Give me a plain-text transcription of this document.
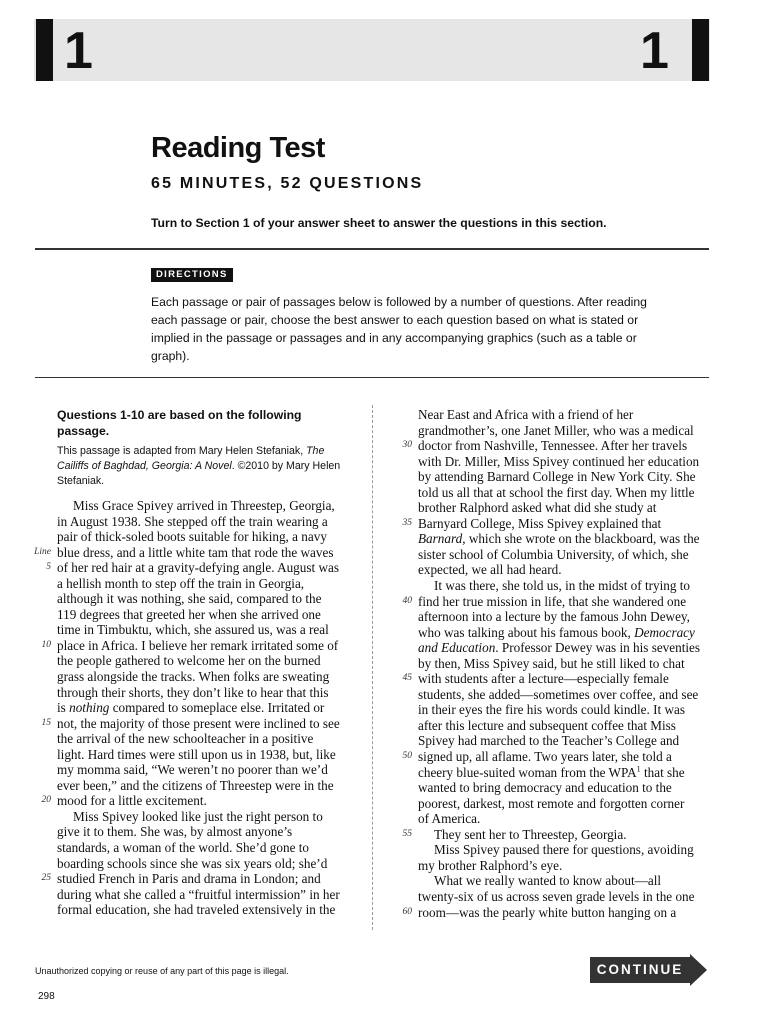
1	1
Reading Test
65 MINUTES, 52 QUESTIONS
Turn to Section 1 of your answer sheet to answer the questions in this section.
DIRECTIONS
Each passage or pair of passages below is followed by a number of questions. After reading each passage or pair, choose the best answer to each question based on what is stated or implied in the passage or passages and in any accompanying graphics (such as a table or graph).
Questions 1-10 are based on the following passage.
This passage is adapted from Mary Helen Stefaniak, The Cailiffs of Baghdad, Georgia: A Novel. ©2010 by Mary Helen Stefaniak.
Miss Grace Spivey arrived in Threestep, Georgia,
in August 1938. She stepped off the train wearing a
pair of thick-soled boots suitable for hiking, a navy
Line blue dress, and a little white tam that rode the waves
5 of her red hair at a gravity-defying angle. August was
a hellish month to step off the train in Georgia,
although it was nothing, she said, compared to the
119 degrees that greeted her when she arrived one
time in Timbuktu, which, she assured us, was a real
10 place in Africa. I believe her remark irritated some of
the people gathered to welcome her on the burned
grass alongside the tracks. When folks are sweating
through their shorts, they don’t like to hear that this
is nothing compared to someplace else. Irritated or
15 not, the majority of those present were inclined to see
the arrival of the new schoolteacher in a positive
light. Hard times were still upon us in 1938, but, like
my momma said, “We weren’t no poorer than we’d
ever been,” and the citizens of Threestep were in the
20 mood for a little excitement.
Miss Spivey looked like just the right person to
give it to them. She was, by almost anyone’s
standards, a woman of the world. She’d gone to
boarding schools since she was six years old; she’d
25 studied French in Paris and drama in London; and
during what she called a “fruitful intermission” in her
formal education, she had traveled extensively in the
Near East and Africa with a friend of her
grandmother’s, one Janet Miller, who was a medical
30 doctor from Nashville, Tennessee. After her travels
with Dr. Miller, Miss Spivey continued her education
by attending Barnard College in New York City. She
told us all that at school the first day. When my little
brother Ralphord asked what did she study at
35 Barnyard College, Miss Spivey explained that
Barnard, which she wrote on the blackboard, was the
sister school of Columbia University, of which, she
expected, we all had heard.
It was there, she told us, in the midst of trying to
40 find her true mission in life, that she wandered one
afternoon into a lecture by the famous John Dewey,
who was talking about his famous book, Democracy
and Education. Professor Dewey was in his seventies
by then, Miss Spivey said, but he still liked to chat
45 with students after a lecture—especially female
students, she added—sometimes over coffee, and see
in their eyes the fire his words could kindle. It was
after this lecture and subsequent coffee that Miss
Spivey had marched to the Teacher’s College and
50 signed up, all aflame. Two years later, she told a
cheery blue-suited woman from the WPA$^1$ that she
wanted to bring democracy and education to the
poorest, darkest, most remote and forgotten corner
of America.
55 They sent her to Threestep, Georgia.
Miss Spivey paused there for questions, avoiding
my brother Ralphord’s eye.
What we really wanted to know about—all
twenty-six of us across seven grade levels in the one
60 room—was the pearly white button hanging on a
Unauthorized copying or reuse of any part of this page is illegal.
298
CONTINUE
